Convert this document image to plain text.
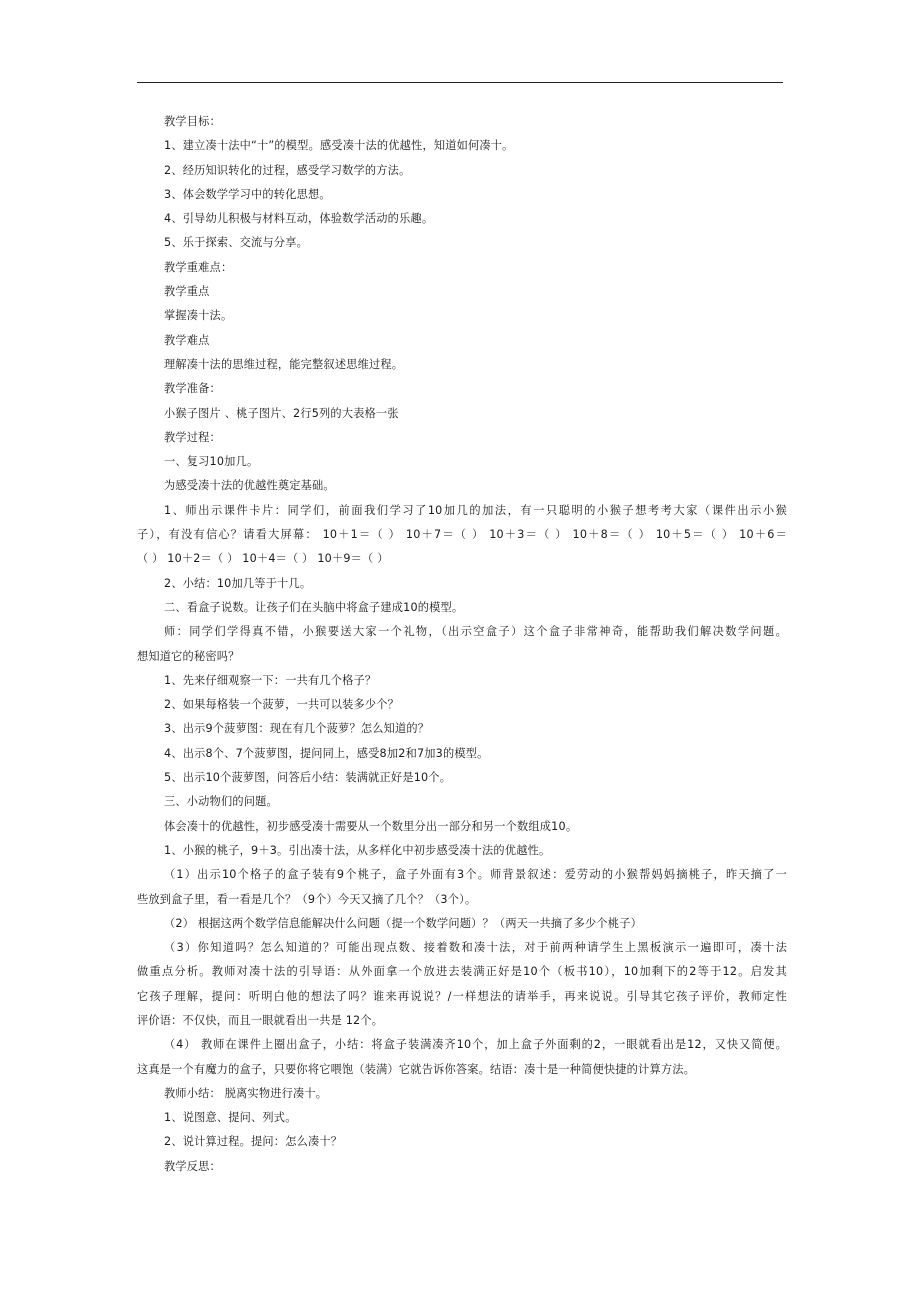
教学目标：
1、建立凑十法中“十”的模型。感受凑十法的优越性，知道如何凑十。
2、经历知识转化的过程，感受学习数学的方法。
3、体会数学学习中的转化思想。
4、引导幼儿积极与材料互动，体验数学活动的乐趣。
5、乐于探索、交流与分享。
教学重难点：
教学重点
掌握凑十法。
教学难点
理解凑十法的思维过程，能完整叙述思维过程。
教学准备：
小猴子图片 、桃子图片、2行5列的大表格一张
教学过程：
一、复习10加几。
为感受凑十法的优越性奠定基础。
1、师出示课件卡片：同学们，前面我们学习了10加几的加法，有一只聪明的小猴子想考考大家（课件出示小猴
子），有没有信心？请看大屏幕： 10＋1＝（ ） 10＋7＝（ ） 10＋3＝（ ） 10＋8＝（ ） 10＋5＝（ ） 10＋6＝
（ ） 10＋2＝（ ） 10＋4＝（ ） 10＋9＝（ ）
2、小结：10加几等于十几。
二、看盒子说数。让孩子们在头脑中将盒子建成10的模型。
师：同学们学得真不错，小猴要送大家一个礼物，（出示空盒子）这个盒子非常神奇，能帮助我们解决数学问题。
想知道它的秘密吗？
1、先来仔细观察一下：一共有几个格子？
2、如果每格装一个菠萝，一共可以装多少个？
3、出示9个菠萝图：现在有几个菠萝？怎么知道的？
4、出示8个、7个菠萝图，提问同上，感受8加2和7加3的模型。
5、出示10个菠萝图，问答后小结：装满就正好是10个。
三、小动物们的问题。
体会凑十的优越性，初步感受凑十需要从一个数里分出一部分和另一个数组成10。
1、小猴的桃子，9＋3。引出凑十法，从多样化中初步感受凑十法的优越性。
（1）出示10个格子的盒子装有9个桃子，盒子外面有3个。师背景叙述：爱劳动的小猴帮妈妈摘桃子，昨天摘了一
些放到盒子里，看一看是几个？（9个）今天又摘了几个？（3个）。
（2） 根据这两个数学信息能解决什么问题（提一个数学问题）？（两天一共摘了多少个桃子）
（3）你知道吗？怎么知道的？可能出现点数、接着数和凑十法，对于前两种请学生上黑板演示一遍即可，凑十法
做重点分析。教师对凑十法的引导语：从外面拿一个放进去装满正好是10个（板书10），10加剩下的2等于12。启发其
它孩子理解，提问：听明白他的想法了吗？谁来再说说？/一样想法的请举手，再来说说。引导其它孩子评价，教师定性
评价语：不仅快，而且一眼就看出一共是 12个。
（4） 教师在课件上圈出盒子，小结：将盒子装满凑齐10个，加上盒子外面剩的2，一眼就看出是12，又快又简便。
这真是一个有魔力的盒子，只要你将它喂饱（装满）它就告诉你答案。结语：凑十是一种简便快捷的计算方法。
教师小结： 脱离实物进行凑十。
1、说图意、提问、列式。
2、说计算过程。提问：怎么凑十？
教学反思：
